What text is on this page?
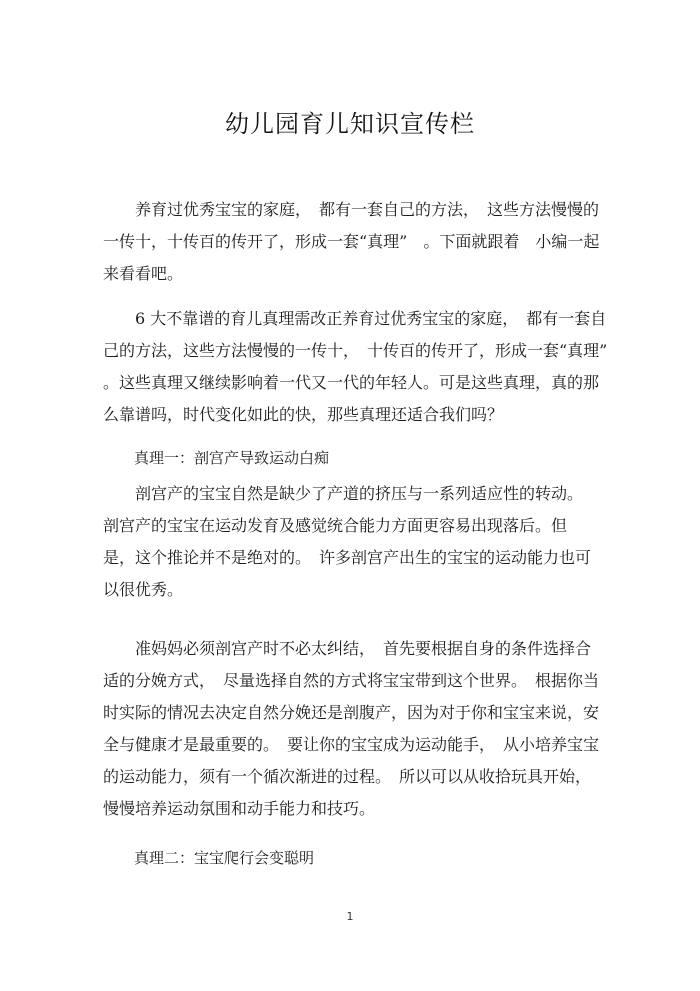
幼儿园育儿知识宣传栏
养育过优秀宝宝的家庭，　都有一套自己的方法，　这些方法慢慢的
一传十，十传百的传开了，形成一套“真理”　。下面就跟着　小编一起
来看看吧。
6 大不靠谱的育儿真理需改正养育过优秀宝宝的家庭，　都有一套自
己的方法，这些方法慢慢的一传十，　十传百的传开了，形成一套“真理”
。这些真理又继续影响着一代又一代的年轻人。可是这些真理，真的那
么靠谱吗，时代变化如此的快，那些真理还适合我们吗？
真理一：剖宫产导致运动白痴
剖宫产的宝宝自然是缺少了产道的挤压与一系列适应性的转动。
剖宫产的宝宝在运动发育及感觉统合能力方面更容易出现落后。但
是，这个推论并不是绝对的。　许多剖宫产出生的宝宝的运动能力也可
以很优秀。
准妈妈必须剖宫产时不必太纠结，　首先要根据自身的条件选择合
适的分娩方式，　尽量选择自然的方式将宝宝带到这个世界。　根据你当
时实际的情况去决定自然分娩还是剖腹产，因为对于你和宝宝来说，安
全与健康才是最重要的。　要让你的宝宝成为运动能手，　从小培养宝宝
的运动能力，须有一个循次渐进的过程。　所以可以从收拾玩具开始，
慢慢培养运动氛围和动手能力和技巧。
真理二：宝宝爬行会变聪明
1
